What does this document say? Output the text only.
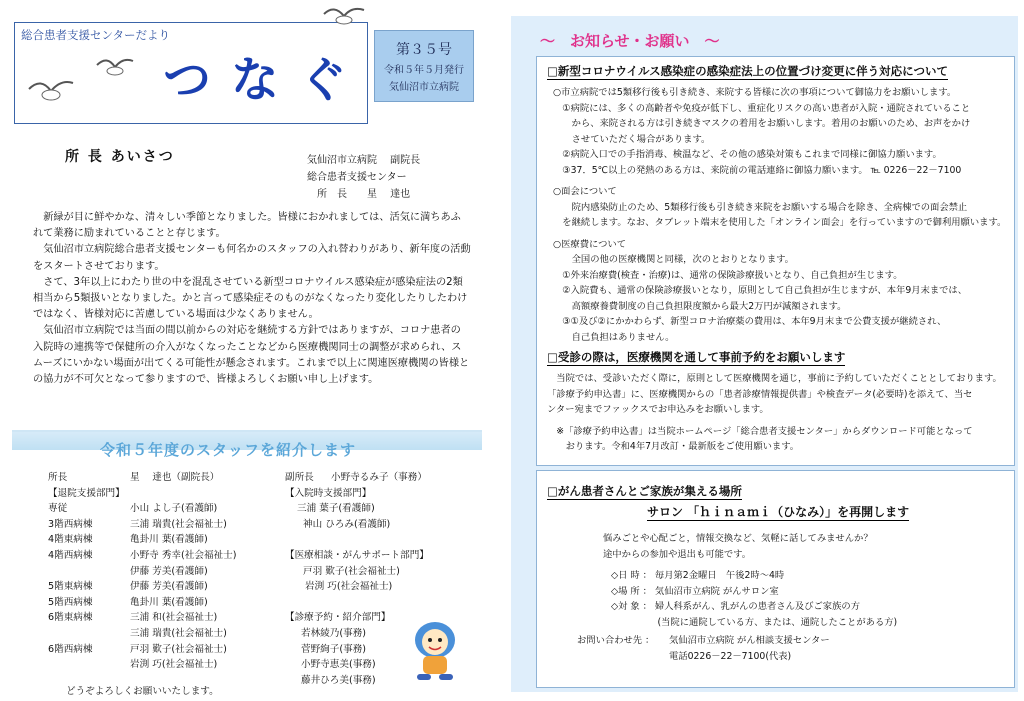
総合患者支援センターだより
つなぐ
第３５号
令和５年５月発行
気仙沼市立病院
所 長 あいさつ	気仙沼市立病院　 副院長
総合患者支援センター
　所　長　　星　 達也

新緑が目に鮮やかな、清々しい季節となりました。皆様におかれましては、活気に満ちあふれて業務に励まれていることと存じます。

気仙沼市立病院総合患者支援センターも何名かのスタッフの入れ替わりがあり、新年度の活動をスタートさせております。

さて、3年以上にわたり世の中を混乱させている新型コロナウイルス感染症が感染症法の2類相当から5類扱いとなりました。かと言って感染症そのものがなくなったり変化したりしたわけではなく、皆様対応に苦慮している場面は少なくありません。

気仙沼市立病院では当面の間以前からの対応を継続する方針ではありますが、コロナ患者の入院時の連携等で保健所の介入がなくなったことなどから医療機関同士の調整が求められ、スムーズにいかない場面が出てくる可能性が懸念されます。これまで以上に関連医療機関の皆様との協力が不可欠となって参りますので、皆様よろしくお願い申し上げます。

令和５年度のスタッフを紹介します
所長	星　 達也（副院長）
【退院支援部門】
専従	小山 よし子(看護師)
3階西病棟	三浦 瑞貴(社会福祉士)
4階東病棟	亀卦川 葉(看護師)
4階西病棟	小野寺 秀幸(社会福祉士)
伊藤 芳美(看護師)
5階東病棟	伊藤 芳美(看護師)
5階西病棟	亀卦川 葉(看護師)
6階東病棟	三浦 和(社会福祉士)
三浦 瑞貴(社会福祉士)
6階西病棟	戸羽 歎子(社会福祉士)
岩渕 巧(社会福祉士)
副所長	小野寺るみ子（事務）
【入院時支援部門】
三浦 葉子(看護師)
神山 ひろみ(看護師)

【医療相談・がんサポート部門】
戸羽 歎子(社会福祉士)
岩渕 巧(社会福祉士)

【診療予約・紹介部門】
若林綾乃(事務)
菅野絢子(事務)
小野寺恵美(事務)
藤井ひろ美(事務)
どうぞよろしくお願いいたします。
～　お知らせ・お願い　～
□新型コロナウイルス感染症の感染症法上の位置づけ変更に伴う対応について
○市立病院では5類移行後も引き続き、来院する皆様に次の事項について御協力をお願いします。
　①病院には、多くの高齢者や免疫が低下し、重症化リスクの高い患者が入院・通院されていること
　　から、来院される方は引き続きマスクの着用をお願いします。着用のお願いのため、お声をかけ
　　させていただく場合があります。
　②病院入口での手指消毒、検温など、その他の感染対策もこれまで同様に御協力願います。
　③37．5℃以上の発熱のある方は、来院前の電話連絡に御協力願います。 ℡ 0226－22－7100
○面会について
　　院内感染防止のため、5類移行後も引き続き来院をお願いする場合を除き、全病棟での面会禁止
　を継続します。なお、タブレット端末を使用した「オンライン面会」を行っていますので御利用願います。
○医療費について
　　全国の他の医療機関と同様，次のとおりとなります。
　①外来治療費(検査・治療)は、通常の保険診療扱いとなり、自己負担が生じます。
　②入院費も、通常の保険診療扱いとなり，原則として自己負担が生じますが、本年9月末までは、
　　高額療養費制度の自己負担限度額から最大2万円が減額されます。
　③①及び②にかかわらず、新型コロナ治療薬の費用は、本年9月末まで公費支援が継続され、
　　自己負担はありません。
□受診の際は，医療機関を通して事前予約をお願いします
　当院では、受診いただく際に，原則として医療機関を通じ，事前に予約していただくこととしております。
「診療予約申込書」に、医療機関からの「患者診療情報提供書」や検査データ(必要時)を添えて、当セ
ンター宛までファックスでお申込みをお願いします。
　※「診療予約申込書」は当院ホームページ「総合患者支援センター」からダウンロード可能となって
　　おります。令和4年7月改訂・最新版をご使用願います。
□がん患者さんとご家族が集える場所
サロン 「ｈｉｎａｍｉ（ひなみ）」を再開します
悩みごとや心配ごと，情報交換など、気軽に話してみませんか？
途中からの参加や退出も可能です。
◇日 時 ： 毎月第2金曜日　午後2時～4時
◇場 所 ： 気仙沼市立病院 がんサロン室
◇対 象 ： 婦人科系がん、乳がんの患者さん及びご家族の方
　　　　　(当院に通院している方、または、通院したことがある方)
お問い合わせ先 ： 気仙沼市立病院 がん相談支援センター
電話0226－22－7100(代表)
